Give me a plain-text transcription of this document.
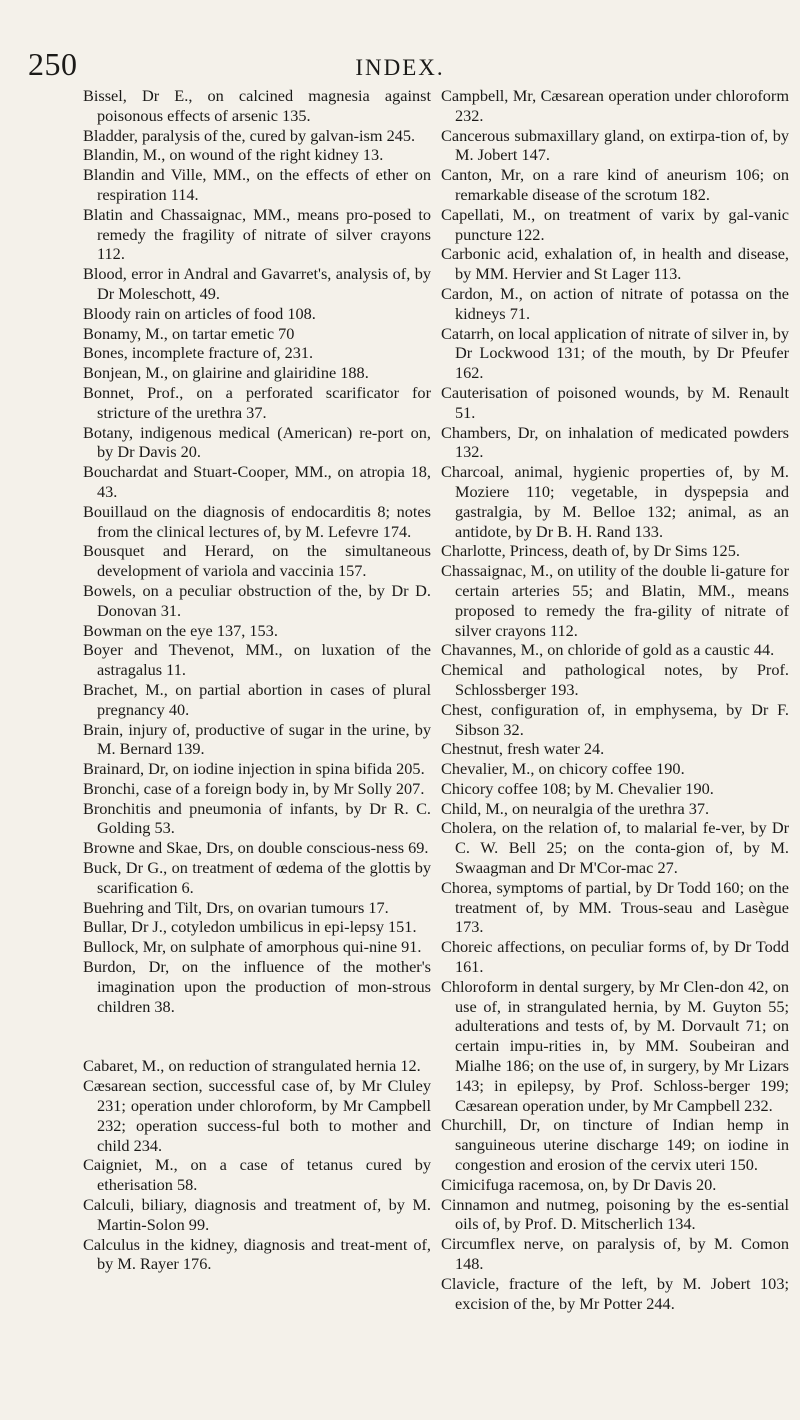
250	INDEX.

Bissel, Dr E., on calcined magnesia against poisonous effects of arsenic 135.

Bladder, paralysis of the, cured by galvan-ism 245.

Blandin, M., on wound of the right kidney 13.

Blandin and Ville, MM., on the effects of ether on respiration 114.

Blatin and Chassaignac, MM., means pro-posed to remedy the fragility of nitrate of silver crayons 112.

Blood, error in Andral and Gavarret's, analysis of, by Dr Moleschott, 49.

Bloody rain on articles of food 108.

Bonamy, M., on tartar emetic 70

Bones, incomplete fracture of, 231.

Bonjean, M., on glairine and glairidine 188.

Bonnet, Prof., on a perforated scarificator for stricture of the urethra 37.

Botany, indigenous medical (American) re-port on, by Dr Davis 20.

Bouchardat and Stuart-Cooper, MM., on atropia 18, 43.

Bouillaud on the diagnosis of endocarditis 8; notes from the clinical lectures of, by M. Lefevre 174.

Bousquet and Herard, on the simultaneous development of variola and vaccinia 157.

Bowels, on a peculiar obstruction of the, by Dr D. Donovan 31.

Bowman on the eye 137, 153.

Boyer and Thevenot, MM., on luxation of the astragalus 11.

Brachet, M., on partial abortion in cases of plural pregnancy 40.

Brain, injury of, productive of sugar in the urine, by M. Bernard 139.

Brainard, Dr, on iodine injection in spina bifida 205.

Bronchi, case of a foreign body in, by Mr Solly 207.

Bronchitis and pneumonia of infants, by Dr R. C. Golding 53.

Browne and Skae, Drs, on double conscious-ness 69.

Buck, Dr G., on treatment of œdema of the glottis by scarification 6.

Buehring and Tilt, Drs, on ovarian tumours 17.

Bullar, Dr J., cotyledon umbilicus in epi-lepsy 151.

Bullock, Mr, on sulphate of amorphous qui-nine 91.

Burdon, Dr, on the influence of the mother's imagination upon the production of mon-strous children 38.

Cabaret, M., on reduction of strangulated hernia 12.

Cæsarean section, successful case of, by Mr Cluley 231; operation under chloroform, by Mr Campbell 232; operation success-ful both to mother and child 234.

Caigniet, M., on a case of tetanus cured by etherisation 58.

Calculi, biliary, diagnosis and treatment of, by M. Martin-Solon 99.

Calculus in the kidney, diagnosis and treat-ment of, by M. Rayer 176.

Campbell, Mr, Cæsarean operation under chloroform 232.

Cancerous submaxillary gland, on extirpa-tion of, by M. Jobert 147.

Canton, Mr, on a rare kind of aneurism 106; on remarkable disease of the scrotum 182.

Capellati, M., on treatment of varix by gal-vanic puncture 122.

Carbonic acid, exhalation of, in health and disease, by MM. Hervier and St Lager 113.

Cardon, M., on action of nitrate of potassa on the kidneys 71.

Catarrh, on local application of nitrate of silver in, by Dr Lockwood 131; of the mouth, by Dr Pfeufer 162.

Cauterisation of poisoned wounds, by M. Renault 51.

Chambers, Dr, on inhalation of medicated powders 132.

Charcoal, animal, hygienic properties of, by M. Moziere 110; vegetable, in dyspepsia and gastralgia, by M. Belloe 132; animal, as an antidote, by Dr B. H. Rand 133.

Charlotte, Princess, death of, by Dr Sims 125.

Chassaignac, M., on utility of the double li-gature for certain arteries 55; and Blatin, MM., means proposed to remedy the fra-gility of nitrate of silver crayons 112.

Chavannes, M., on chloride of gold as a caustic 44.

Chemical and pathological notes, by Prof. Schlossberger 193.

Chest, configuration of, in emphysema, by Dr F. Sibson 32.

Chestnut, fresh water 24.

Chevalier, M., on chicory coffee 190.

Chicory coffee 108; by M. Chevalier 190.

Child, M., on neuralgia of the urethra 37.

Cholera, on the relation of, to malarial fe-ver, by Dr C. W. Bell 25; on the conta-gion of, by M. Swaagman and Dr M'Cor-mac 27.

Chorea, symptoms of partial, by Dr Todd 160; on the treatment of, by MM. Trous-seau and Lasègue 173.

Choreic affections, on peculiar forms of, by Dr Todd 161.

Chloroform in dental surgery, by Mr Clen-don 42, on use of, in strangulated hernia, by M. Guyton 55; adulterations and tests of, by M. Dorvault 71; on certain impu-rities in, by MM. Soubeiran and Mialhe 186; on the use of, in surgery, by Mr Lizars 143; in epilepsy, by Prof. Schloss-berger 199; Cæsarean operation under, by Mr Campbell 232.

Churchill, Dr, on tincture of Indian hemp in sanguineous uterine discharge 149; on iodine in congestion and erosion of the cervix uteri 150.

Cimicifuga racemosa, on, by Dr Davis 20.

Cinnamon and nutmeg, poisoning by the es-sential oils of, by Prof. D. Mitscherlich 134.

Circumflex nerve, on paralysis of, by M. Comon 148.

Clavicle, fracture of the left, by M. Jobert 103; excision of the, by Mr Potter 244.
